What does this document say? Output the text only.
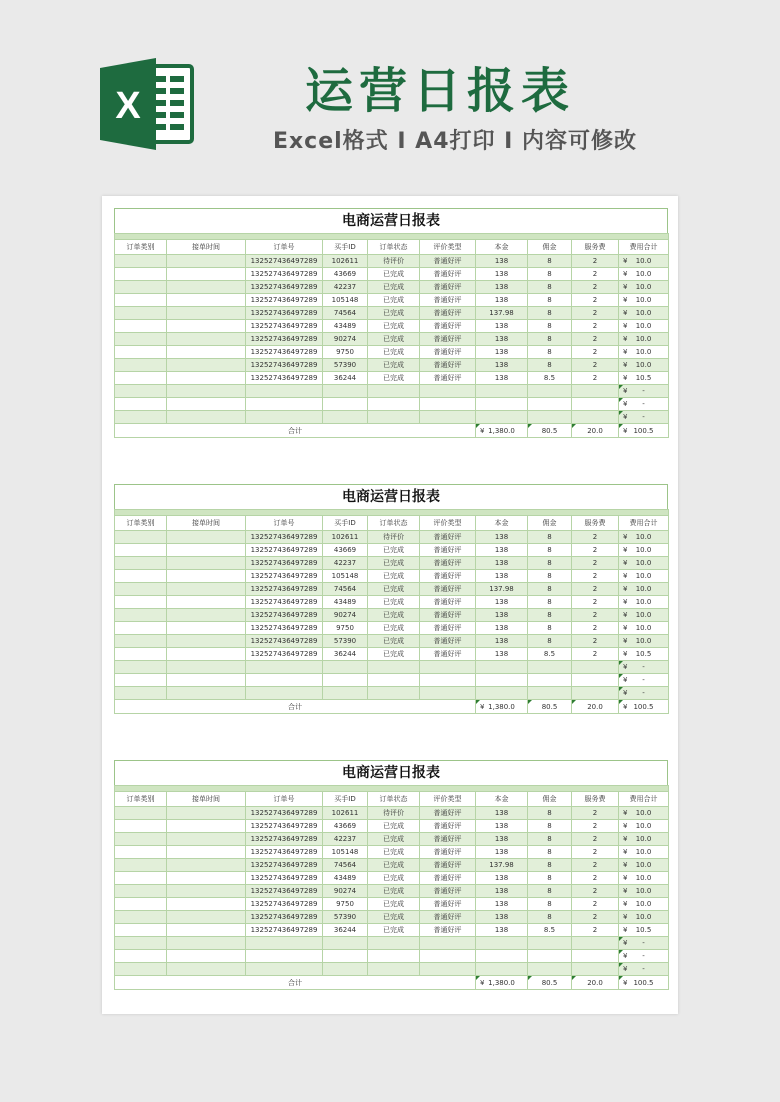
X	运营日报表
Excel格式 I A4打印 I 内容可修改
电商运营日报表

订单类别	接单时间	订单号	买手ID	订单状态	评价类型	本金	佣金	服务费	费用合计
		13252743649728​9	102611	待评价	普通好评	138	8	2	¥ 10.0
		132527436497289	43669	已完成	普通好评	138	8	2	¥ 10.0
		132527436497289	42237	已完成	普通好评	138	8	2	¥ 10.0
		132527436497289	105148	已完成	普通好评	138	8	2	¥ 10.0
		132527436497289	74564	已完成	普通好评	137.98	8	2	¥ 10.0
		132527436497289	43489	已完成	普通好评	138	8	2	¥ 10.0
		132527436497289	90274	已完成	普通好评	138	8	2	¥ 10.0
		132527436497289	9750	已完成	普通好评	138	8	2	¥ 10.0
		132527436497289	57390	已完成	普通好评	138	8	2	¥ 10.0
		132527436497289	36244	已完成	普通好评	138	8.5	2	¥ 10.5

									¥ -

									¥ -

									¥ -
合计						¥ 1,380.0	80.5	20.0	¥ 100.5
电商运营日报表

订单类别	接单时间	订单号	买手ID	订单状态	评价类型	本金	佣金	服务费	费用合计
		13252743649728​9	102611	待评价	普通好评	138	8	2	¥ 10.0
		132527436497289	43669	已完成	普通好评	138	8	2	¥ 10.0
		132527436497289	42237	已完成	普通好评	138	8	2	¥ 10.0
		132527436497289	105148	已完成	普通好评	138	8	2	¥ 10.0
		132527436497289	74564	已完成	普通好评	137.98	8	2	¥ 10.0
		132527436497289	43489	已完成	普通好评	138	8	2	¥ 10.0
		132527436497289	90274	已完成	普通好评	138	8	2	¥ 10.0
		132527436497289	9750	已完成	普通好评	138	8	2	¥ 10.0
		132527436497289	57390	已完成	普通好评	138	8	2	¥ 10.0
		132527436497289	36244	已完成	普通好评	138	8.5	2	¥ 10.5

									¥ -

									¥ -

									¥ -
合计						¥ 1,380.0	80.5	20.0	¥ 100.5
电商运营日报表

订单类别	接单时间	订单号	买手ID	订单状态	评价类型	本金	佣金	服务费	费用合计
		13252743649728​9	102611	待评价	普通好评	138	8	2	¥ 10.0
		132527436497289	43669	已完成	普通好评	138	8	2	¥ 10.0
		132527436497289	42237	已完成	普通好评	138	8	2	¥ 10.0
		132527436497289	105148	已完成	普通好评	138	8	2	¥ 10.0
		132527436497289	74564	已完成	普通好评	137.98	8	2	¥ 10.0
		132527436497289	43489	已完成	普通好评	138	8	2	¥ 10.0
		132527436497289	90274	已完成	普通好评	138	8	2	¥ 10.0
		132527436497289	9750	已完成	普通好评	138	8	2	¥ 10.0
		132527436497289	57390	已完成	普通好评	138	8	2	¥ 10.0
		132527436497289	36244	已完成	普通好评	138	8.5	2	¥ 10.5

									¥ -

									¥ -

									¥ -
合计						¥ 1,380.0	80.5	20.0	¥ 100.5
